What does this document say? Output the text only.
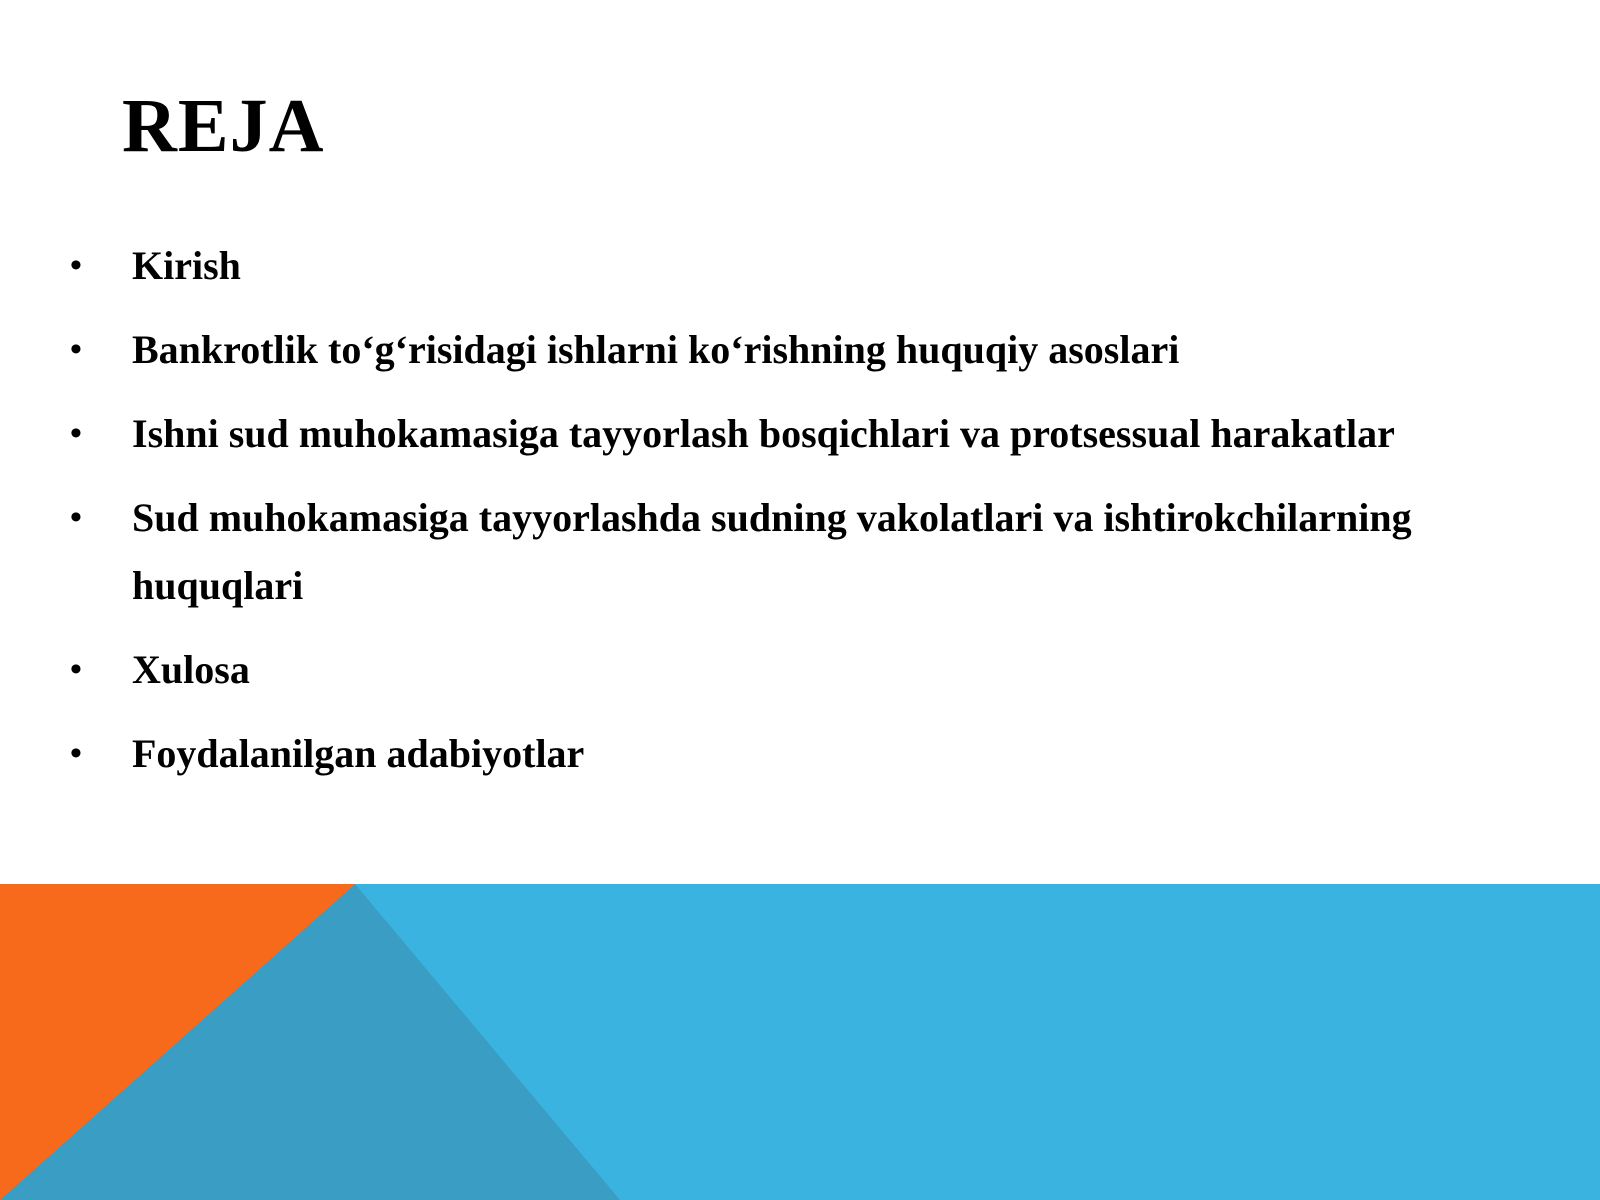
REJA
• Kirish
• Bankrotlik to‘g‘risidagi ishlarni ko‘rishning huquqiy asoslari
• Ishni sud muhokamasiga tayyorlash bosqichlari va protsessual harakatlar
• Sud muhokamasiga tayyorlashda sudning vakolatlari va ishtirokchilarning huquqlari
• Xulosa
• Foydalanilgan adabiyotlar
